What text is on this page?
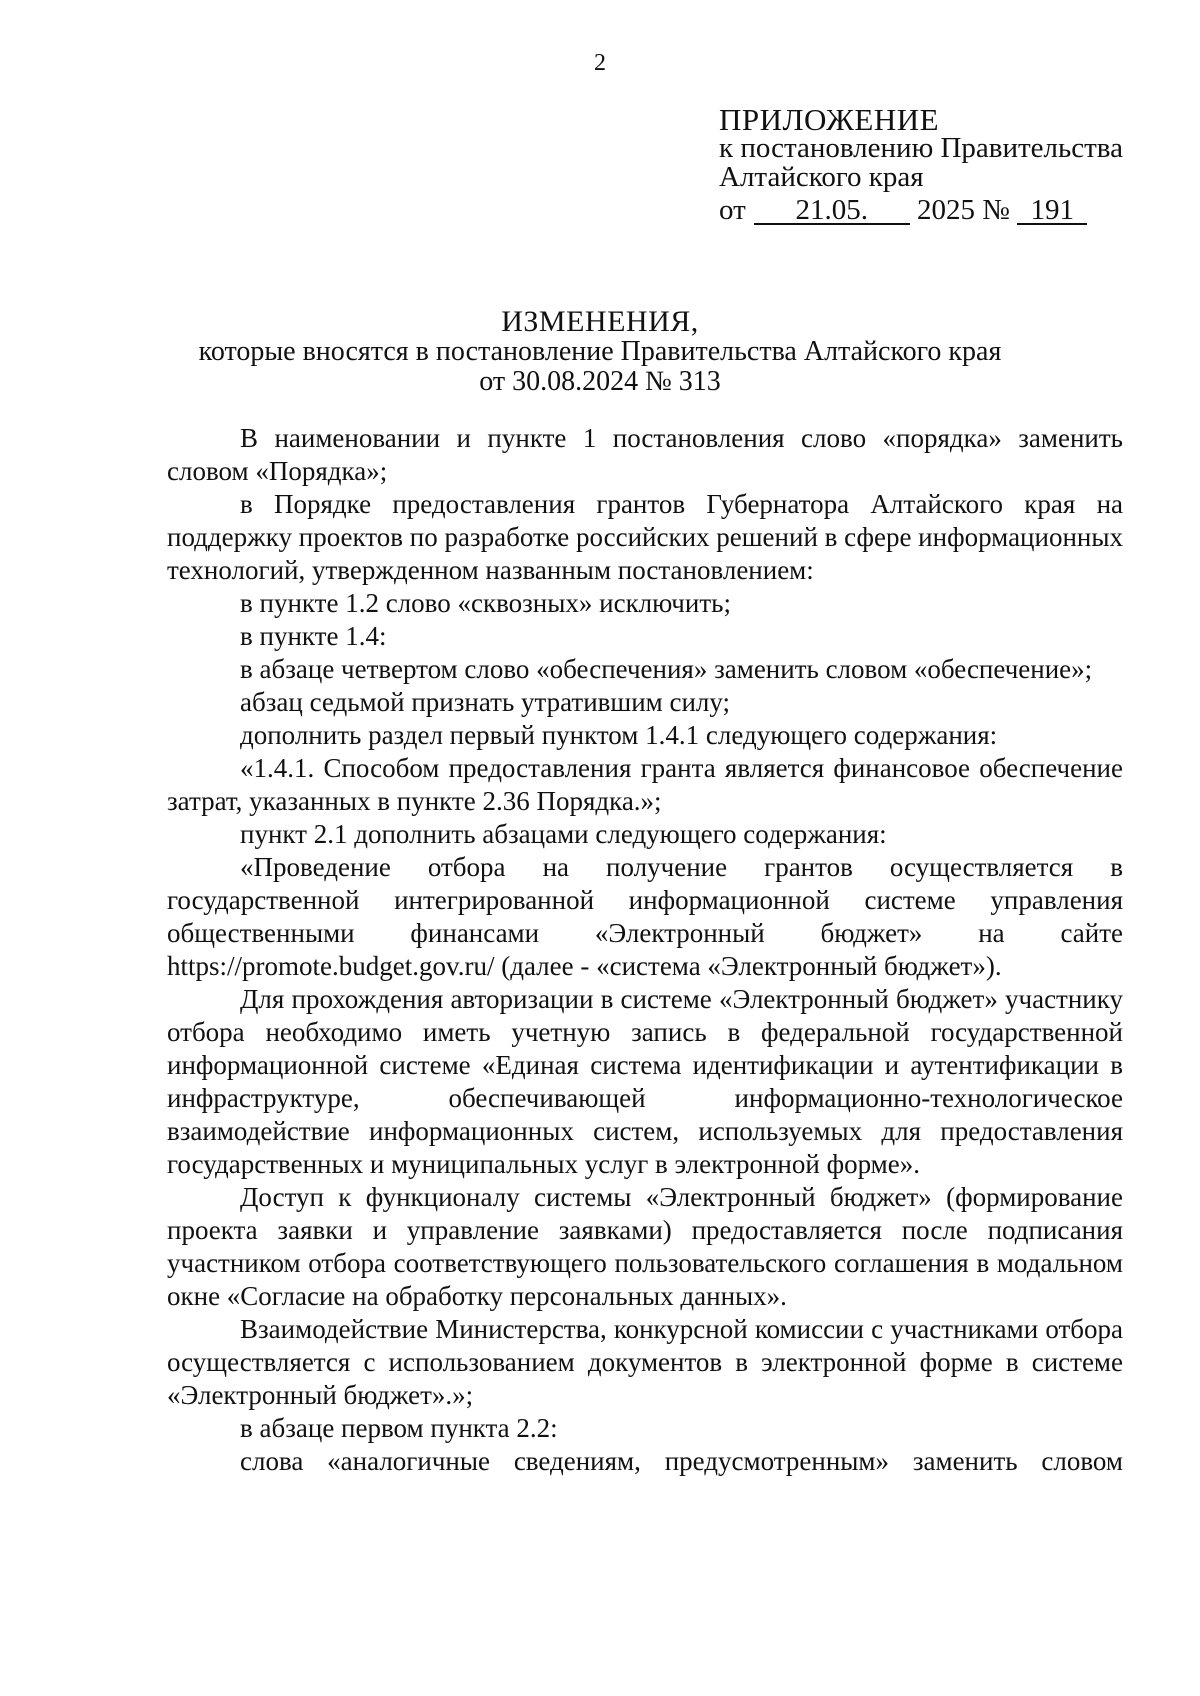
2
ПРИЛОЖЕНИЕ
к постановлению Правительства
Алтайского края
от 21.05. 2025 № 191
ИЗМЕНЕНИЯ,
которые вносятся в постановление Правительства Алтайского края
от 30.08.2024 № 313

В наименовании и пункте 1 постановления слово «порядка» заменить словом «Порядка»;

в Порядке предоставления грантов Губернатора Алтайского края на поддержку проектов по разработке российских решений в сфере информационных технологий, утвержденном названным постановлением:

в пункте 1.2 слово «сквозных» исключить;

в пункте 1.4:

в абзаце четвертом слово «обеспечения» заменить словом «обеспечение»;

абзац седьмой признать утратившим силу;

дополнить раздел первый пунктом 1.4.1 следующего содержания:

«1.4.1. Способом предоставления гранта является финансовое обеспечение затрат, указанных в пункте 2.36 Порядка.»;

пункт 2.1 дополнить абзацами следующего содержания:

«Проведение отбора на получение грантов осуществляется в государственной интегрированной информационной системе управления общественными финансами «Электронный бюджет» на сайте https://promote.budget.gov.ru/ (далее - «система «Электронный бюджет»).

Для прохождения авторизации в системе «Электронный бюджет» участнику отбора необходимо иметь учетную запись в федеральной государственной информационной системе «Единая система идентификации и аутентификации в инфраструктуре, обеспечивающей информационно-технологическое взаимодействие информационных систем, используемых для предоставления государственных и муниципальных услуг в электронной форме».

Доступ к функционалу системы «Электронный бюджет» (формирование проекта заявки и управление заявками) предоставляется после подписания участником отбора соответствующего пользовательского соглашения в модальном окне «Согласие на обработку персональных данных».

Взаимодействие Министерства, конкурсной комиссии с участниками отбора осуществляется с использованием документов в электронной форме в системе «Электронный бюджет».»;

в абзаце первом пункта 2.2:

слова «аналогичные сведениям, предусмотренным» заменить словом
